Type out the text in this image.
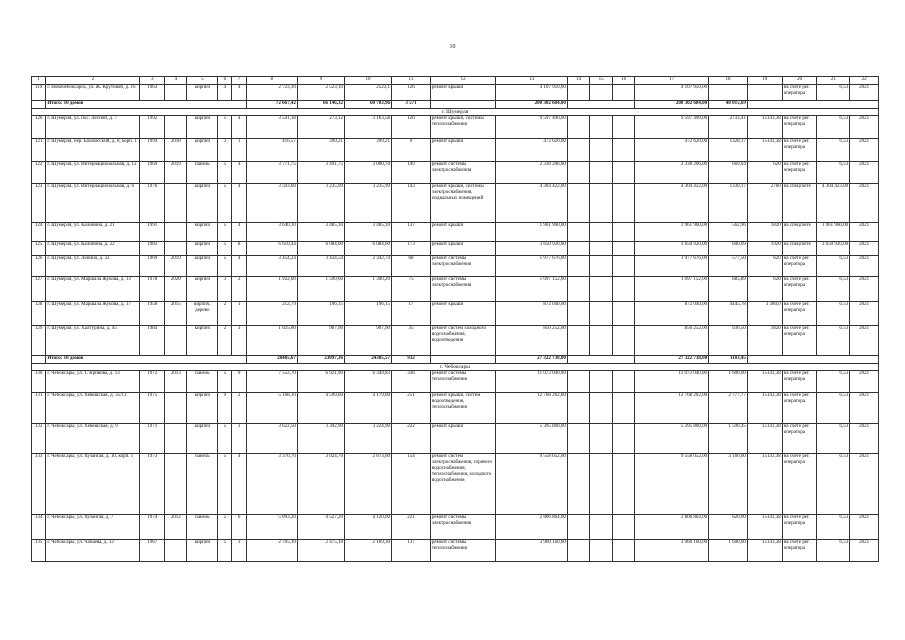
10
1	2	3	4	5	6	7	8	9	10	11	12	13	14	15	16	17	18	19	20	21	22
119	г. Новочебоксарск, ул. Ж. Крутовой, д. 16	1963		кирпич	4	4	2 723,10	2 523,10	2523,1	126	ремонт крыши	4 107 950,00				4 107 950,00			на счете рег. оператора	6,53	2021
	Итого: 10 домов						72 667,42	66 146,32	60 783,96	3 571		200 302 684,00				200 302 684,00	48 015,69				
г. Шумерля																					
120	г. Шумерля, ул. пос. Лесной, д. 7	1992		кирпич	5	4	3 541,18	273,12	3 163,58	126	ремонт крыши, системы теплоснабжения	9 597 490,00				9 597 490,00	2733,41	15143,38	на счете рег. оператора	6,53	2021
121	г. Шумерля, пер. Бахмисский, д. 8, корп. 1	1994	2018	кирпич	3	1	416,57	399,21	399,21	9	ремонт крыши	472 620,00				472 620,00	1328,17	15143,38	на счете рег. оператора	6,53	2021
122	г. Шумерля, ул. Интернациональная, д. 12	1969	2019	панель	5	4	3 771,75	3 491,75	3 000,70	149	ремонт системы электроснабжения	2 338 206,00				2 338 206,00	669,64	620	на счете рег. оператора	6,53	2021
123	г. Шумерля, ул. Интернациональная, д. 6	1976		кирпич	5	4	3 593,60	3 235,99	3 235,99	143	ремонт крыши, системы электроснабжения, подвальных помещений	4 304 422,00				4 304 422,00	1330,17	2760	на спецсчете	4 304 423,00	2021
124	г. Шумерля, ул. Калинина, д. 21	1991		кирпич	5	4	3 640,10	3 485,10	3 485,10	137	ремонт крыши	1 961 960,00				1 961 960,00	562,96	1820	на спецсчете	1 961 960,00	2021
125	г. Шумерля, ул. Калинина, д. 22	1983		кирпич	5	8	6 610,44	6 084,00	6 084,00	173	ремонт крыши	3 650 920,00				3 650 920,00	600,09	1920	на спецсчете	3 650 920,00	2021
126	г. Шумерля, ул. Ленина, д. 32	1969	2019	кирпич	5	4	3 454,24	3 424,54	2 342,74	68	ремонт системы электроснабжения	1 977 676,00				1 977 676,00	577,50	620	на счете рег. оператора	6,53	2021
127	г. Шумерля, ул. Маршала Жукова, д. 13	1978	2020	кирпич	3	2	1 922,00	1 599,60	1 300,20	75	ремонт системы электроснабжения	1 097 152,00				1 097 152,00	685,89	620	на счете рег. оператора	6,53	2021
128	г. Шумерля, ул. Маршала Жукова, д. 17	1958	2015	кирпич, дерево	2	1	212,79	196,15	196,15	17	ремонт крыши	872 040,00				872 040,00	4445,78	3 380,0	на счете рег. оператора	6,53	2021
129	г. Шумерля, ул. Халтурина, д. 45	1984		кирпич	2	3	1 025,00	907,90	907,90	35	ремонт систем холодного водоснабжения, водоотведения	850 252,00				850 252,00	936,50	1820	на счете рег. оператора	6,53	2021
	Итого: 10 домов						28485,67	23097,36	24385,57	932		27 322 738,00				27 322 738,00	1183,45				
г. Чебоксары																					
130	г. Чебоксары, ул. Т. Кривова, д. 13	1972	2013	панель	5	9	7 552,70	6 921,90	6 349,83	336	ремонт системы теплоснабжения	11 073 040,00				11 073 040,00	1 600,00	15143,38	на счете рег. оператора	6,53	2021
131	г. Чебоксары, ул. Хевешская, д. 35/13	1975		кирпич	9	2	5 168,10	4 599,60	4 179,00	251	ремонт крыши, систем водоотведения, теплоснабжения	12 768 202,00				12 768 202,00	2 777,77	15143,38	на счете рег. оператора	6,53	2021
132	г. Чебоксары, ул. Хевешская, д. 9	1971		кирпич	5	3	3 622,50	3 392,90	3 224,90	222	ремонт крыши	5 395 800,00				5 395 800,00	1 590,45	15143,38	на счете рег. оператора	6,53	2021
133	г. Чебоксары, ул. Хузангая, д. 10, корп. 1	1973		панель	5	4	3 370,70	3 024,70	2 873,00	154	ремонт систем электроснабжения, горячего водоснабжения, теплоснабжения, холодного водоснабжения	9 558 052,00				9 558 052,00	3 160,00	15143,38	на счете рег. оператора	6,53	2021
134	г. Чебоксары, ул. Хузангая, д. 7	1974	2012	панель	5	6	5 093,20	4 527,20	4 120,00	221	ремонт системы электроснабжения	2 806 864,00				2 806 864,00	620,00	15143,38	на счете рег. оператора	6,53	2021
135	г. Чебоксары, ул. Чапаева, д. 12	1967		кирпич	5	3	2 705,10	2 475,10	2 169,30	137	ремонт системы теплоснабжения	3 960 160,00				3 960 160,00	1 600,00	15143,38	на счете рег. оператора	6,53	2021
